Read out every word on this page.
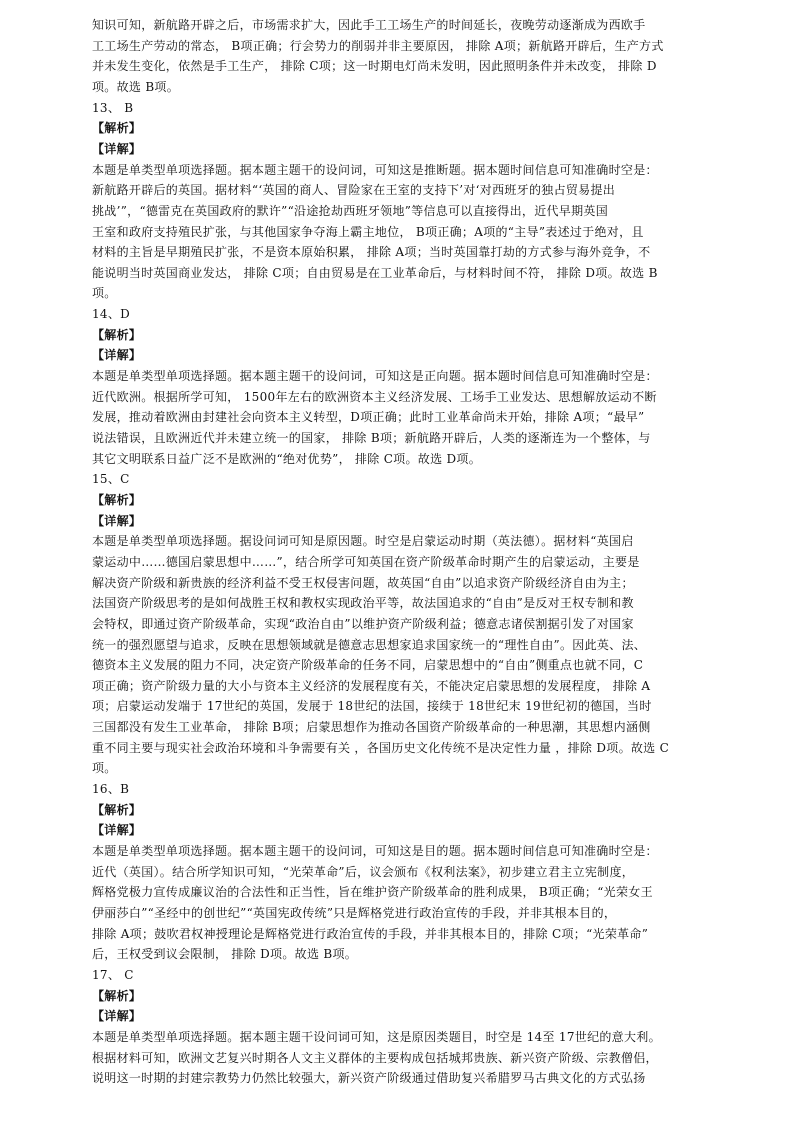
知识可知，新航路开辟之后，市场需求扩大，因此手工工场生产的时间延长，夜晚劳动逐渐成为西欧手
工工场生产劳动的常态， B项正确；行会势力的削弱并非主要原因， 排除 A项；新航路开辟后，生产方式
并未发生变化，依然是手工生产， 排除 C项；这一时期电灯尚未发明，因此照明条件并未改变， 排除 D
项。故选 B项。
13、 B
【解析】
【详解】
本题是单类型单项选择题。据本题主题干的设问词，可知这是推断题。据本题时间信息可知准确时空是：
新航路开辟后的英国。据材料“‘英国的商人、冒险家在王室的支持下’对‘对西班牙的独占贸易提出
挑战’”，“德雷克在英国政府的默许”“沿途抢劫西班牙领地”等信息可以直接得出，近代早期英国
王室和政府支持殖民扩张，与其他国家争夺海上霸主地位， B项正确；A项的“主导”表述过于绝对，且
材料的主旨是早期殖民扩张，不是资本原始积累， 排除 A项；当时英国靠打劫的方式参与海外竞争，不
能说明当时英国商业发达， 排除 C项；自由贸易是在工业革命后，与材料时间不符， 排除 D项。故选 B
项。
14、D
【解析】
【详解】
本题是单类型单项选择题。据本题主题干的设问词，可知这是正向题。据本题时间信息可知准确时空是：
近代欧洲。根据所学可知， 1500年左右的欧洲资本主义经济发展、工场手工业发达、思想解放运动不断
发展，推动着欧洲由封建社会向资本主义转型，D项正确；此时工业革命尚未开始，排除 A项；“最早”
说法错误，且欧洲近代并未建立统一的国家， 排除 B项；新航路开辟后，人类的逐渐连为一个整体，与
其它文明联系日益广泛不是欧洲的“绝对优势”， 排除 C项。故选 D项。
15、C
【解析】
【详解】
本题是单类型单项选择题。据设问词可知是原因题。时空是启蒙运动时期（英法德）。据材料“英国启
蒙运动中……德国启蒙思想中……”，结合所学可知英国在资产阶级革命时期产生的启蒙运动，主要是
解决资产阶级和新贵族的经济利益不受王权侵害问题，故英国“自由”以追求资产阶级经济自由为主；
法国资产阶级思考的是如何战胜王权和教权实现政治平等，故法国追求的“自由”是反对王权专制和教
会特权，即通过资产阶级革命，实现“政治自由”以维护资产阶级利益；德意志诸侯割据引发了对国家
统一的强烈愿望与追求，反映在思想领域就是德意志思想家追求国家统一的“理性自由”。因此英、法、
德资本主义发展的阻力不同，决定资产阶级革命的任务不同，启蒙思想中的“自由”侧重点也就不同，C
项正确；资产阶级力量的大小与资本主义经济的发展程度有关，不能决定启蒙思想的发展程度， 排除 A
项；启蒙运动发端于 17世纪的英国，发展于 18世纪的法国，接续于 18世纪末 19世纪初的德国，当时
三国都没有发生工业革命， 排除 B项；启蒙思想作为推动各国资产阶级革命的一种思潮，其思想内涵侧
重不同主要与现实社会政治环境和斗争需要有关 ，各国历史文化传统不是决定性力量 ，排除 D项。故选 C
项。
16、B
【解析】
【详解】
本题是单类型单项选择题。据本题主题干的设问词，可知这是目的题。据本题时间信息可知准确时空是：
近代（英国）。结合所学知识可知，“光荣革命”后，议会颁布《权利法案》，初步建立君主立宪制度，
辉格党极力宣传成廉议治的合法性和正当性，旨在维护资产阶级革命的胜利成果， B项正确；“光荣女王
伊丽莎白”“圣经中的创世纪”“英国宪政传统”只是辉格党进行政治宣传的手段，并非其根本目的，
排除 A项；鼓吹君权神授理论是辉格党进行政治宣传的手段，并非其根本目的，排除 C项；“光荣革命”
后，王权受到议会限制， 排除 D项。故选 B项。
17、 C
【解析】
【详解】
本题是单类型单项选择题。据本题主题干设问词可知，这是原因类题目，时空是 14至 17世纪的意大利。
根据材料可知，欧洲文艺复兴时期各人文主义群体的主要构成包括城邦贵族、新兴资产阶级、宗教僧侣，
说明这一时期的封建宗教势力仍然比较强大，新兴资产阶级通过借助复兴希腊罗马古典文化的方式弘扬
